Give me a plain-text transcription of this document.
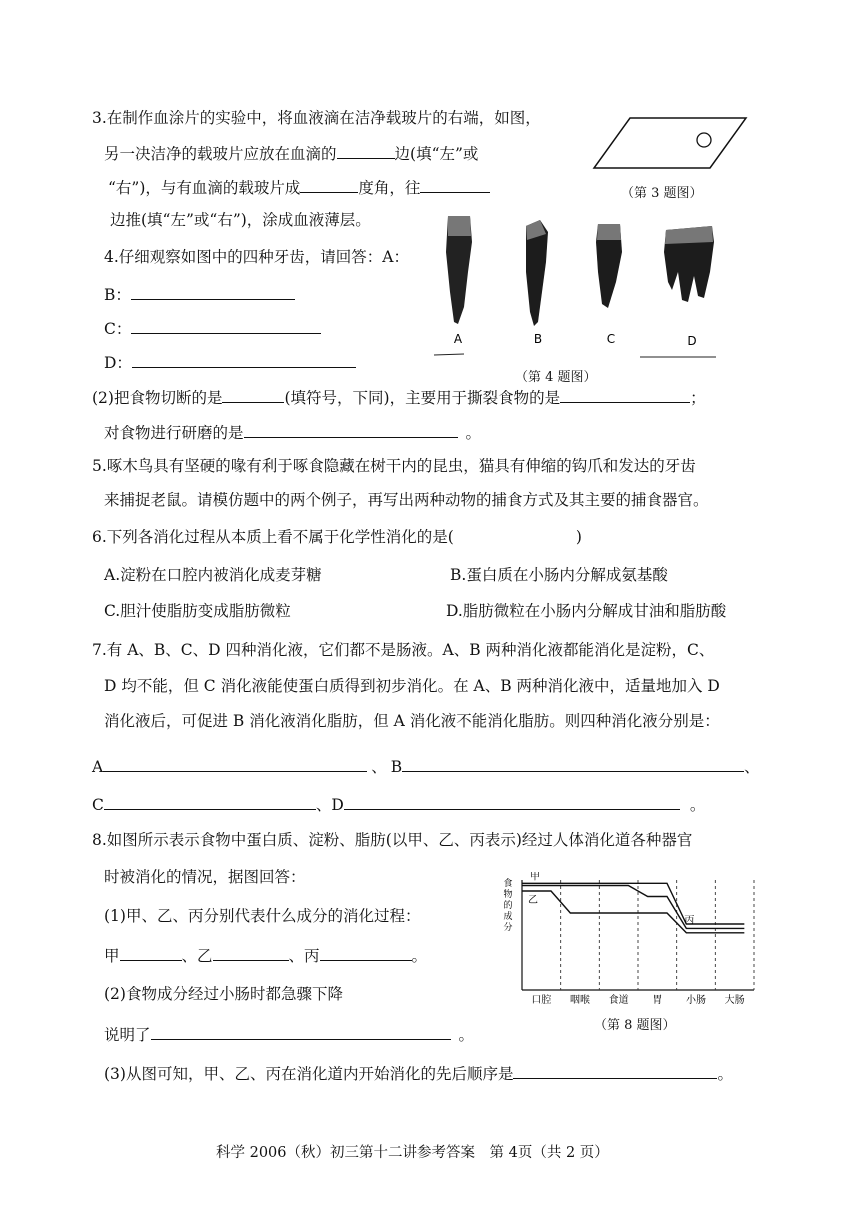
3.在制作血涂片的实验中，将血液滴在洁净载玻片的右端，如图，
另一决洁净的载玻片应放在血滴的	边(填“左”或
“右”)，与有血滴的载玻片成	度角，往
边推(填“左”或“右”)，涂成血液薄层。
（第 3 题图）
4.仔细观察如图中的四种牙齿，请回答：A：
B：
C：
D：
A	B	C	D
（第 4 题图）
(2)把食物切断的是	(填符号，下同)，主要用于撕裂食物的是	；
对食物进行研磨的是	。
5.啄木鸟具有坚硬的喙有利于啄食隐藏在树干内的昆虫，猫具有伸缩的钩爪和发达的牙齿
来捕捉老鼠。请模仿题中的两个例子，再写出两种动物的捕食方式及其主要的捕食器官。
6.下列各消化过程从本质上看不属于化学性消化的是(	)
A.淀粉在口腔内被消化成麦芽糖	B.蛋白质在小肠内分解成氨基酸
C.胆汁使脂肪变成脂肪微粒	D.脂肪微粒在小肠内分解成甘油和脂肪酸
7.有 A、B、C、D 四种消化液，它们都不是肠液。A、B 两种消化液都能消化是淀粉，C、
D 均不能，但 C 消化液能使蛋白质得到初步消化。在 A、B 两种消化液中，适量地加入 D
消化液后，可促进 B 消化液消化脂肪，但 A 消化液不能消化脂肪。则四种消化液分别是：
A	、 B	、
C	、D	。
8.如图所示表示食物中蛋白质、淀粉、脂肪(以甲、乙、丙表示)经过人体消化道各种器官
时被消化的情况，据图回答：
(1)甲、乙、丙分别代表什么成分的消化过程：
甲	、乙	、丙	。
(2)食物成分经过小肠时都急骤下降
说明了	。
(3)从图可知，甲、乙、丙在消化道内开始消化的先后顺序是	。
食
物
的
成
分
口腔 咽喉 食道 胃 小肠 大肠
甲
乙
丙
（第 8 题图）
科学 2006（秋）初三第十二讲参考答案　第 4页（共 2 页）
